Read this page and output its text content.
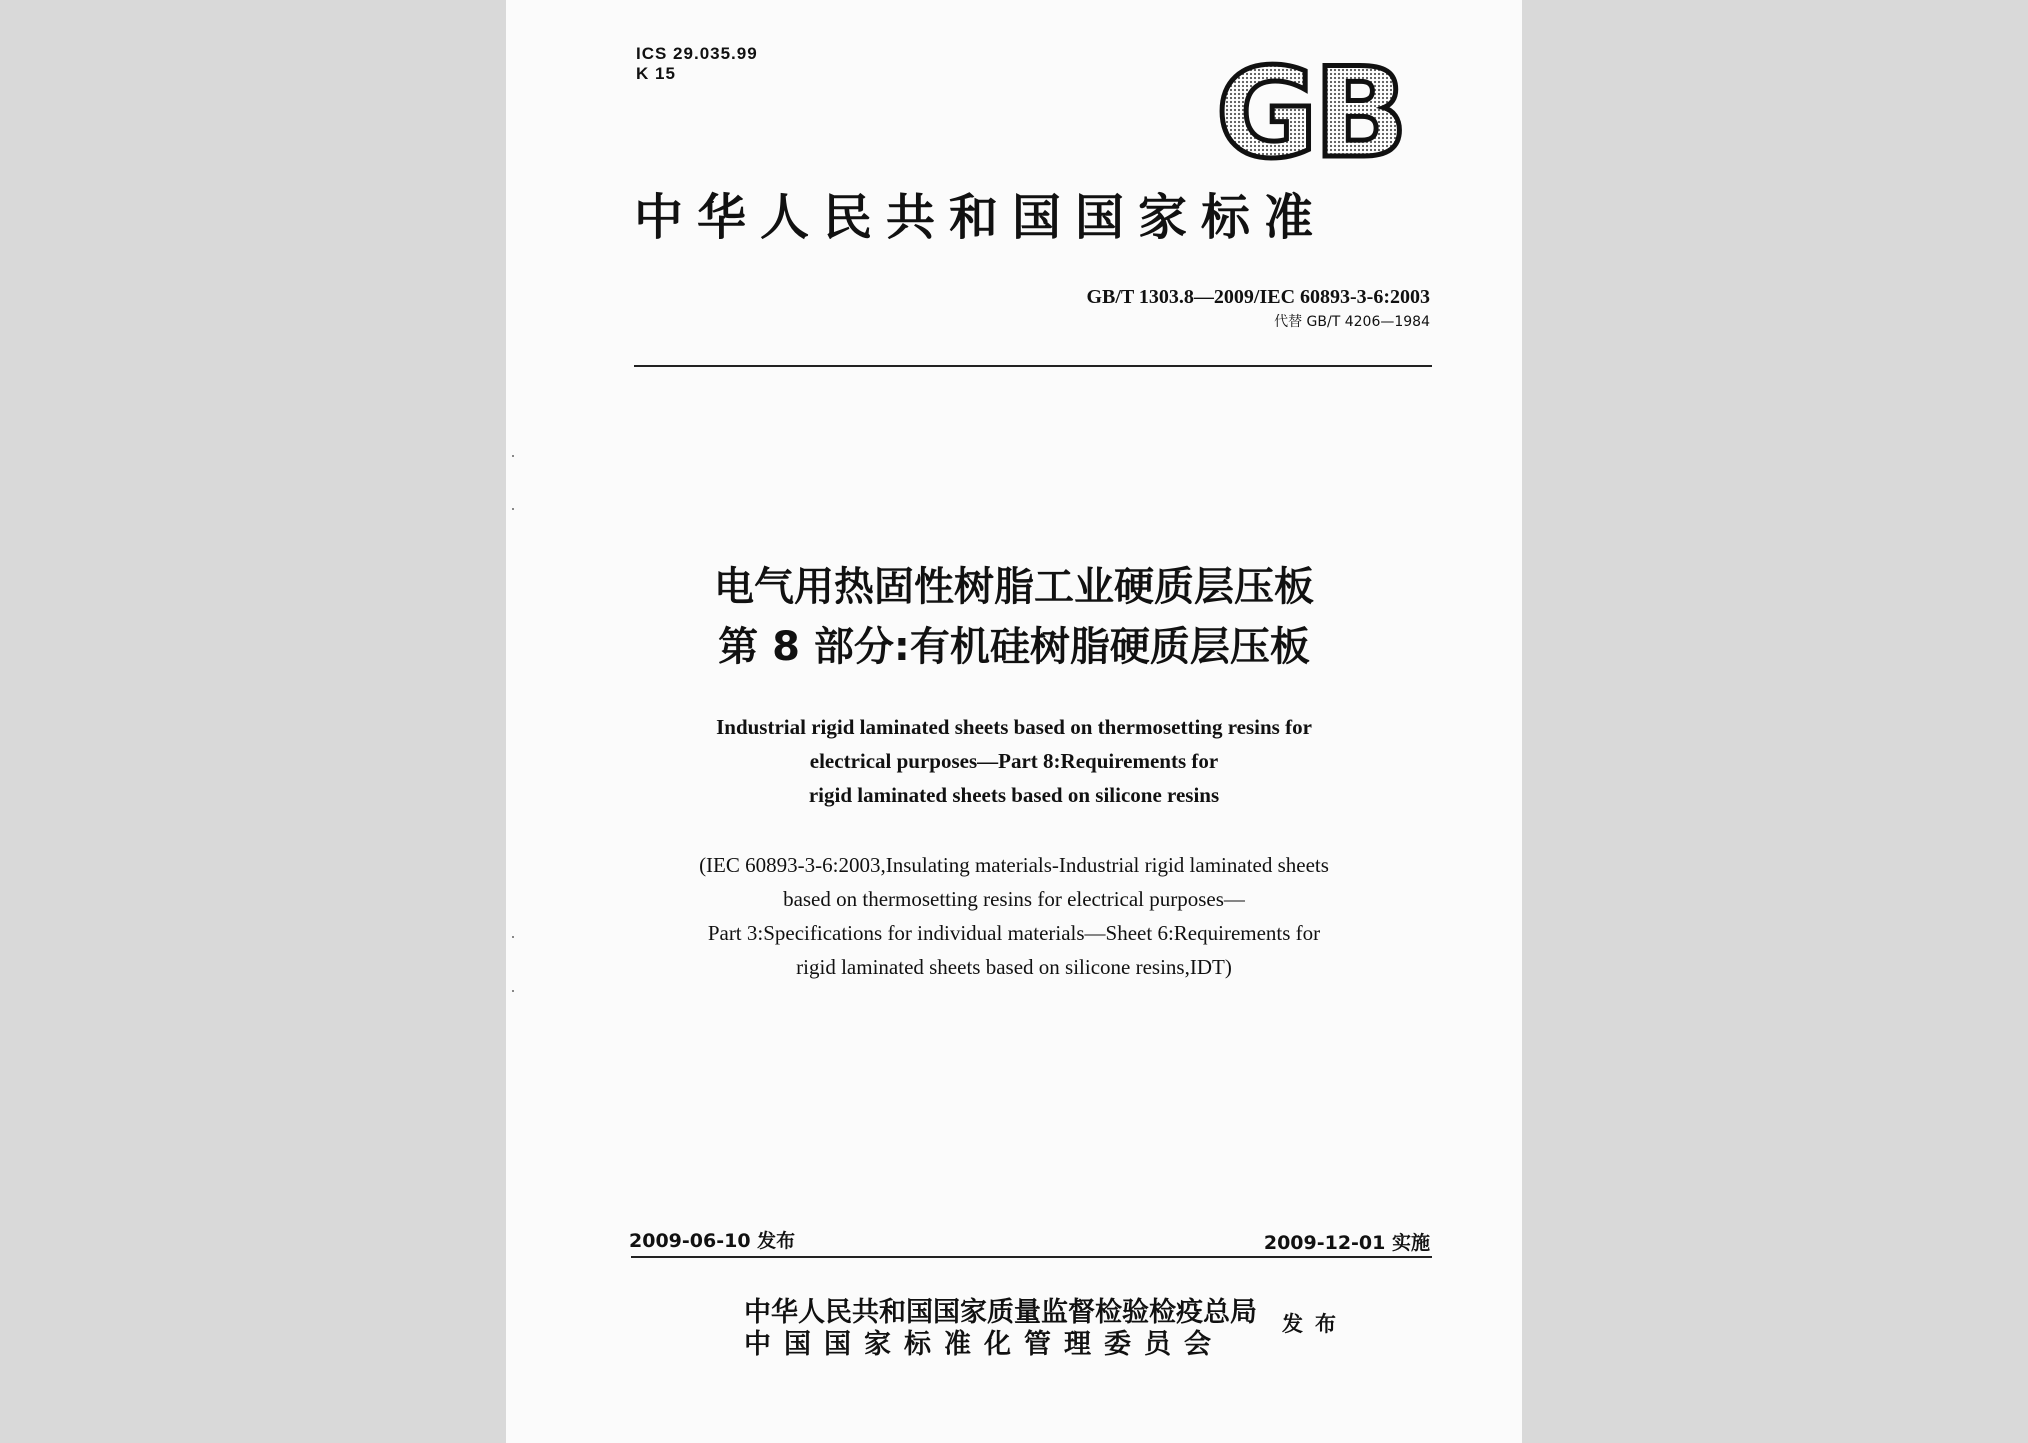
ICS 29.035.99
K 15	GB
中华人民共和国国家标准
GB/T 1303.8—2009/IEC 60893-3-6:2003
代替 GB/T 4206—1984
电气用热固性树脂工业硬质层压板
第 8 部分:有机硅树脂硬质层压板
Industrial rigid laminated sheets based on thermosetting resins for
electrical purposes—Part 8:Requirements for
rigid laminated sheets based on silicone resins
(IEC 60893-3-6:2003,Insulating materials-Industrial rigid laminated sheets
based on thermosetting resins for electrical purposes—
Part 3:Specifications for individual materials—Sheet 6:Requirements for
rigid laminated sheets based on silicone resins,IDT)
2009-06-10 发布	2009-12-01 实施
中华人民共和国国家质量监督检验检疫总局
中国国家标准化管理委员会
发布
